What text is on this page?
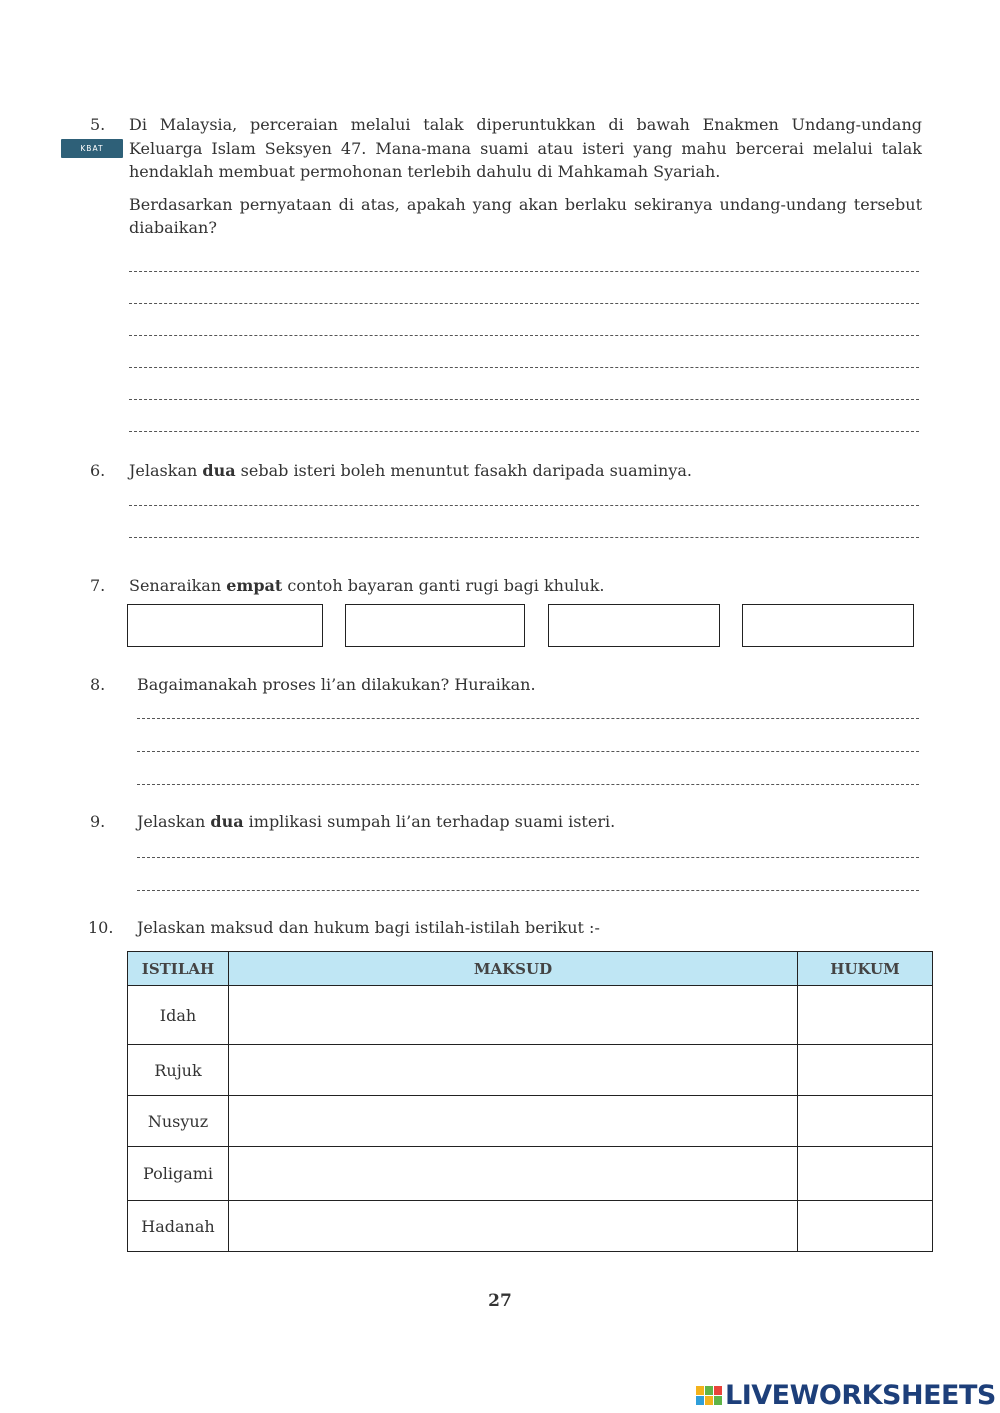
KBAT
5. Di Malaysia, perceraian melalui talak diperuntukkan di bawah Enakmen Undang-undang
Keluarga Islam Seksyen 47. Mana-mana suami atau isteri yang mahu bercerai melalui talak
hendaklah membuat permohonan terlebih dahulu di Mahkamah Syariah.
Berdasarkan pernyataan di atas, apakah yang akan berlaku sekiranya undang-undang tersebut
diabaikan?
6. Jelaskan dua sebab isteri boleh menuntut fasakh daripada suaminya.
7. Senaraikan empat contoh bayaran ganti rugi bagi khuluk.
8. Bagaimanakah proses li’an dilakukan? Huraikan.
9. Jelaskan dua implikasi sumpah li’an terhadap suami isteri.
10. Jelaskan maksud dan hukum bagi istilah-istilah berikut :-
ISTILAH	MAKSUD	HUKUM
Idah		
Rujuk		
Nusyuz		
Poligami		
Hadanah		
27
LIVEWORKSHEETS
